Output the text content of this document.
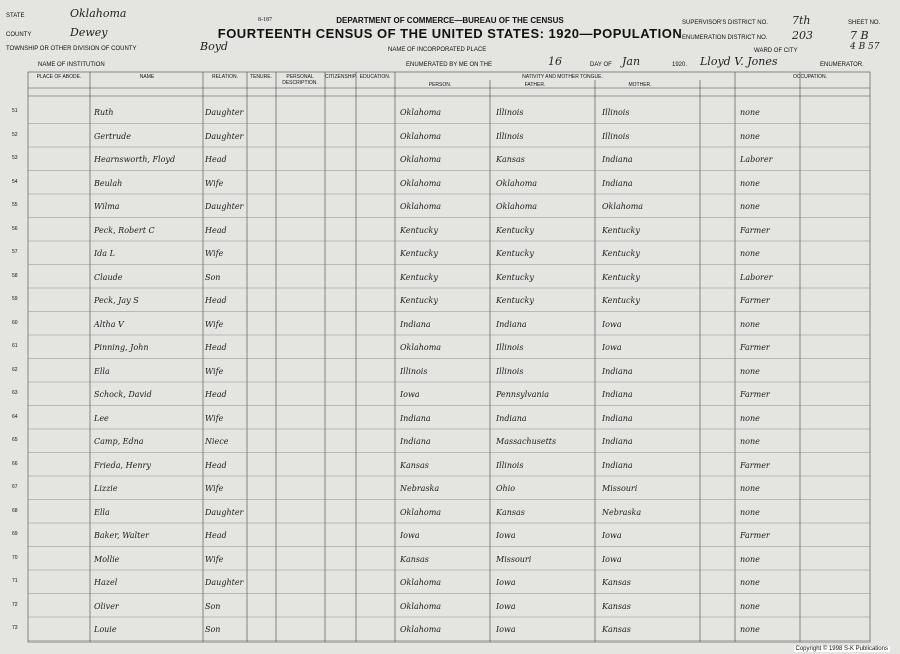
8-187	DEPARTMENT OF COMMERCE—BUREAU OF THE CENSUS
FOURTEENTH CENSUS OF THE UNITED STATES: 1920—POPULATION
STATE	Oklahoma
COUNTY	Dewey
TOWNSHIP OR OTHER DIVISION OF COUNTY	Boyd
NAME OF INSTITUTION
NAME OF INCORPORATED PLACE
ENUMERATED BY ME ON THE	16	DAY OF Jan	1920. Lloyd V. Jones	ENUMERATOR.
SUPERVISOR'S DISTRICT NO. 7th
ENUMERATION DISTRICT NO. 203
SHEET NO.
7 B
WARD OF CITY	4 B 57
PLACE OF ABODE.	NAME	RELATION.	TENURE.	PERSONAL DESCRIPTION.
CITIZENSHIP. EDUCATION.	NATIVITY AND MOTHER TONGUE.
PERSON.	FATHER.	MOTHER.
OCCUPATION.
51	Ruth	Daughter	Oklahoma	Illinois	Illinois	none
52	Gertrude	Daughter	Oklahoma	Illinois	Illinois	none
53	Hearnsworth, Floyd	Head	Oklahoma	Kansas	Indiana	Laborer
54	Beulah	Wife	Oklahoma	Oklahoma	Indiana	none
55	Wilma	Daughter	Oklahoma	Oklahoma	Oklahoma	none
56	Peck, Robert C	Head	Kentucky	Kentucky	Kentucky	Farmer
57	Ida L	Wife	Kentucky	Kentucky	Kentucky	none
58	Claude	Son	Kentucky	Kentucky	Kentucky	Laborer
59	Peck, Jay S	Head	Kentucky	Kentucky	Kentucky	Farmer
60	Altha V	Wife	Indiana	Indiana	Iowa	none
61	Pinning, John	Head	Oklahoma	Illinois	Iowa	Farmer
62	Ella	Wife	Illinois	Illinois	Indiana	none
63	Schock, David	Head	Iowa	Pennsylvania	Indiana	Farmer
64	Lee	Wife	Indiana	Indiana	Indiana	none
65	Camp, Edna	Niece	Indiana	Massachusetts	Indiana	none
66	Frieda, Henry	Head	Kansas	Illinois	Indiana	Farmer
67	Lizzie	Wife	Nebraska	Ohio	Missouri	none
68	Ella	Daughter	Oklahoma	Kansas	Nebraska	none
69	Baker, Walter	Head	Iowa	Iowa	Iowa	Farmer
70	Mollie	Wife	Kansas	Missouri	Iowa	none
71	Hazel	Daughter	Oklahoma	Iowa	Kansas	none
72	Oliver	Son	Oklahoma	Iowa	Kansas	none
73	Louie	Son	Oklahoma	Iowa	Kansas	none
Copyright © 1998 S-K Publications
